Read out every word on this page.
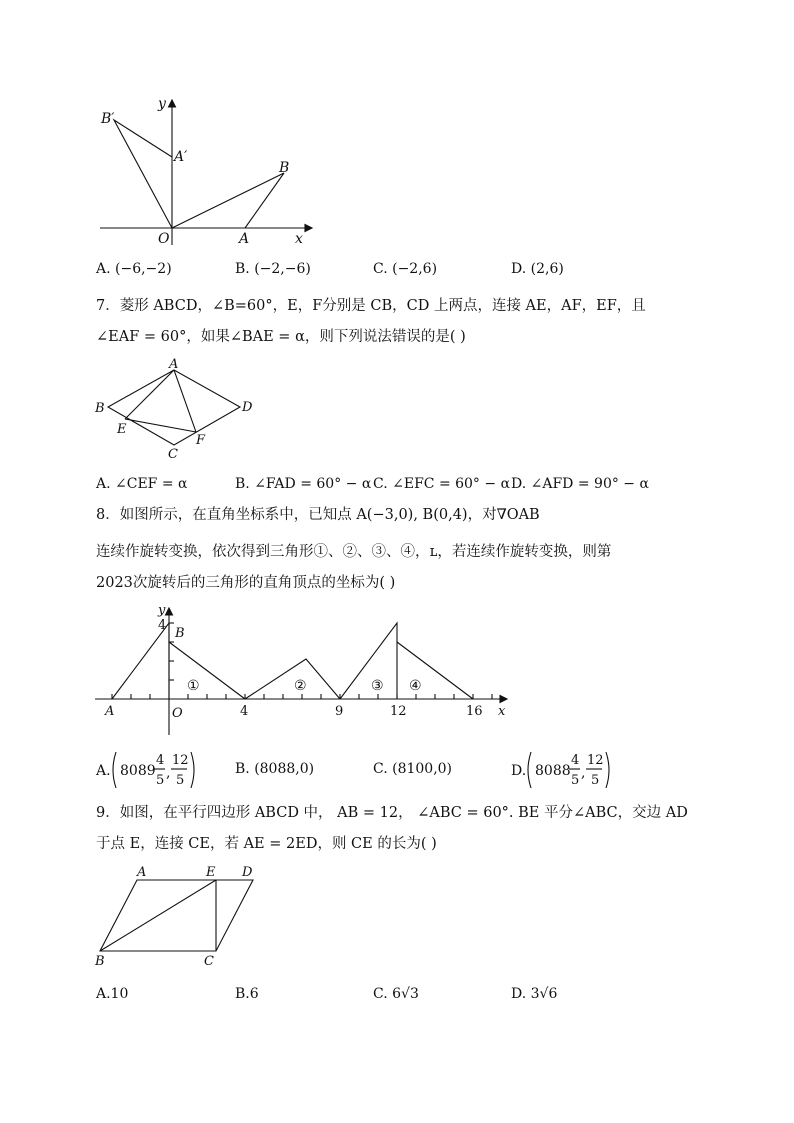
y
B′
A′
B
O	A	x
A. (−6,−2)	B. (−2,−6)	C. (−2,6)	D. (2,6)
7．菱形 ABCD，∠B=60°，E，F分别是 CB，CD 上两点，连接 AE，AF，EF，且
∠EAF = 60°，如果∠BAE = α，则下列说法错误的是( )
A
B
C
D
E
F
A. ∠CEF = α	B. ∠FAD = 60° − α C. ∠EFC = 60° − α D. ∠AFD = 90° − α
8．如图所示，在直角坐标系中，已知点 A(−3,0), B(0,4)，对∇OAB
连续作旋转变换，依次得到三角形①、②、③、④，ʟ，若连续作旋转变换，则第
2023次旋转后的三角形的直角顶点的坐标为( )
y
4
B
A	O	4	9	12	16 x
①	②	③ ④
A. 8089
4
5 ,
12
5
B. (8088,0)	C. (8100,0)	D. 8088
4
5 ,
12
5
9．如图，在平行四边形 ABCD 中， AB = 12， ∠ABC = 60°. BE 平分∠ABC，交边 AD
于点 E，连接 CE，若 AE = 2ED，则 CE 的长为( )
A	E D
B	C
A.10	B.6	C. 6√3	D. 3√6
